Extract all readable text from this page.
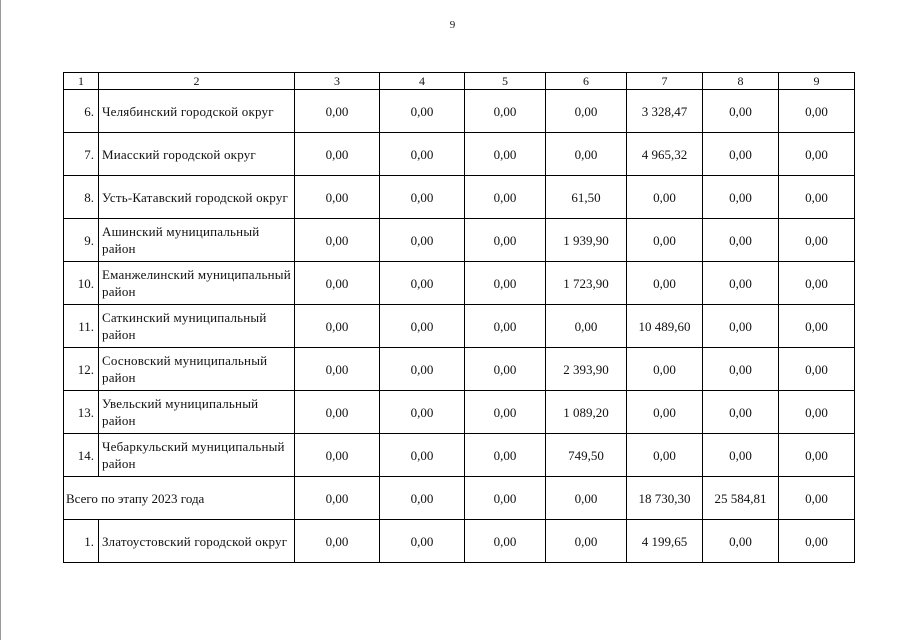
9
1	2	3	4	5	6	7	8	9
6.	Челябинский городской округ	0,00	0,00	0,00	0,00	3 328,47	0,00	0,00
7.	Миасский городской округ	0,00	0,00	0,00	0,00	4 965,32	0,00	0,00
8.	Усть-Катавский городской округ	0,00	0,00	0,00	61,50	0,00	0,00	0,00
9.	Ашинский муниципальный район	0,00	0,00	0,00	1 939,90	0,00	0,00	0,00
10.	Еманжелинский муниципальный район	0,00	0,00	0,00	1 723,90	0,00	0,00	0,00
11.	Саткинский муниципальный район	0,00	0,00	0,00	0,00	10 489,60	0,00	0,00
12.	Сосновский муниципальный район	0,00	0,00	0,00	2 393,90	0,00	0,00	0,00
13.	Увельский муниципальный район	0,00	0,00	0,00	1 089,20	0,00	0,00	0,00
14.	Чебаркульский муниципальный район	0,00	0,00	0,00	749,50	0,00	0,00	0,00
Всего по этапу 2023 года		0,00	0,00	0,00	0,00	18 730,30	25 584,81	0,00
1.	Златоустовский городской округ	0,00	0,00	0,00	0,00	4 199,65	0,00	0,00
